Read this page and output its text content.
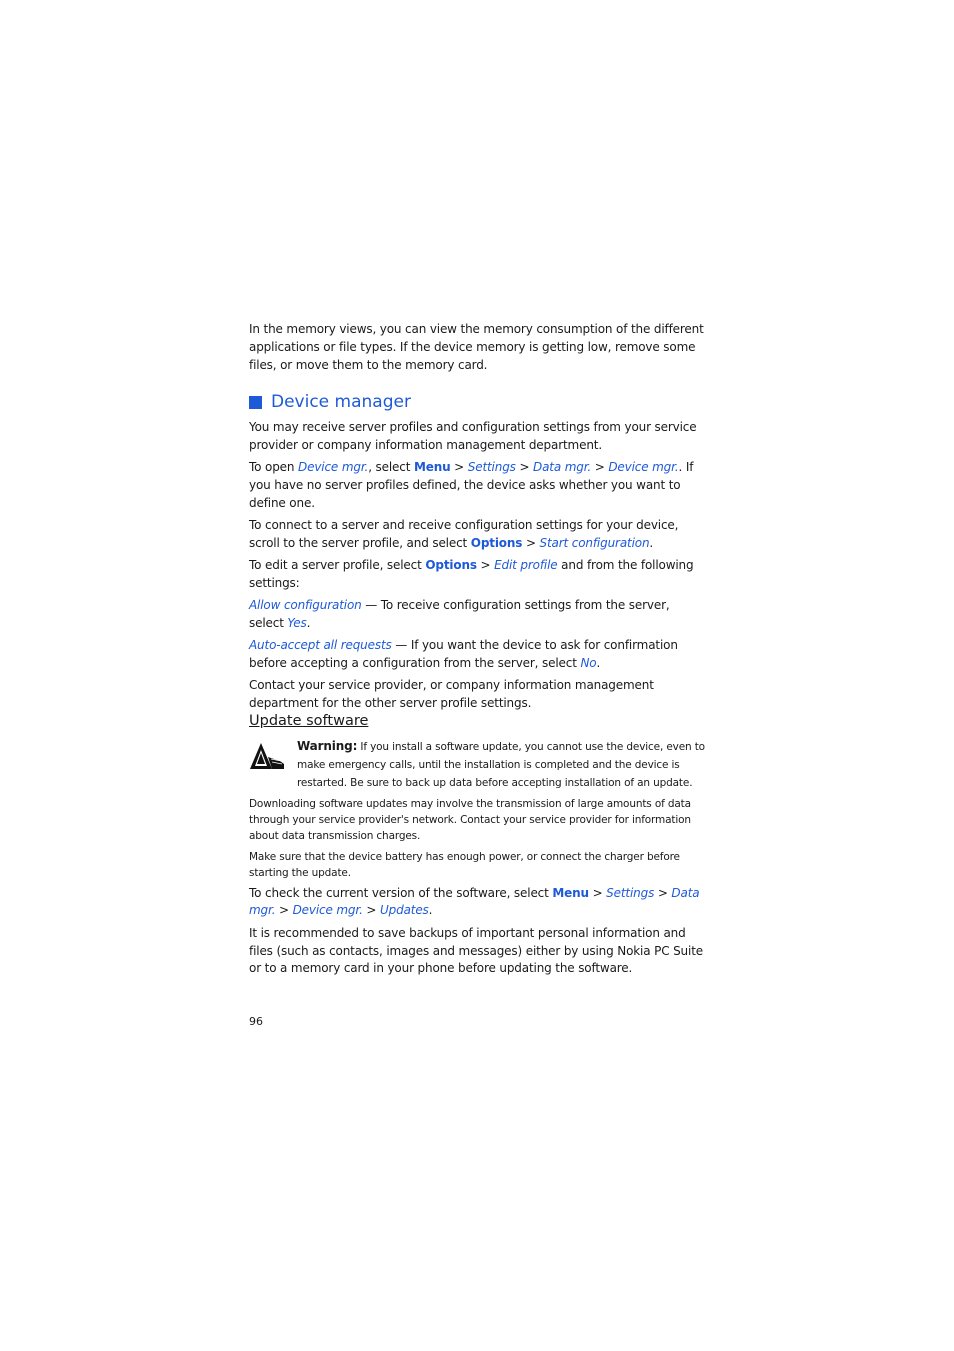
In the memory views, you can view the memory consumption of the different applications or file types. If the device memory is getting low, remove some files, or move them to the memory card.

Device manager

You may receive server profiles and configuration settings from your service provider or company information management department.

To open Device mgr., select Menu > Settings > Data mgr. > Device mgr.. If you have no server profiles defined, the device asks whether you want to define one.

To connect to a server and receive configuration settings for your device, scroll to the server profile, and select Options > Start configuration.

To edit a server profile, select Options > Edit profile and from the following settings:

Allow configuration — To receive configuration settings from the server, select Yes.

Auto-accept all requests — If you want the device to ask for confirmation before accepting a configuration from the server, select No.

Contact your service provider, or company information management department for the other server profile settings.

Update software

Warning: If you install a software update, you cannot use the device, even to make emergency calls, until the installation is completed and the device is restarted. Be sure to back up data before accepting installation of an update.

Downloading software updates may involve the transmission of large amounts of data through your service provider's network. Contact your service provider for information about data transmission charges.

Make sure that the device battery has enough power, or connect the charger before starting the update.

To check the current version of the software, select Menu > Settings > Data mgr. > Device mgr. > Updates.

It is recommended to save backups of important personal information and files (such as contacts, images and messages) either by using Nokia PC Suite or to a memory card in your phone before updating the software.

96
